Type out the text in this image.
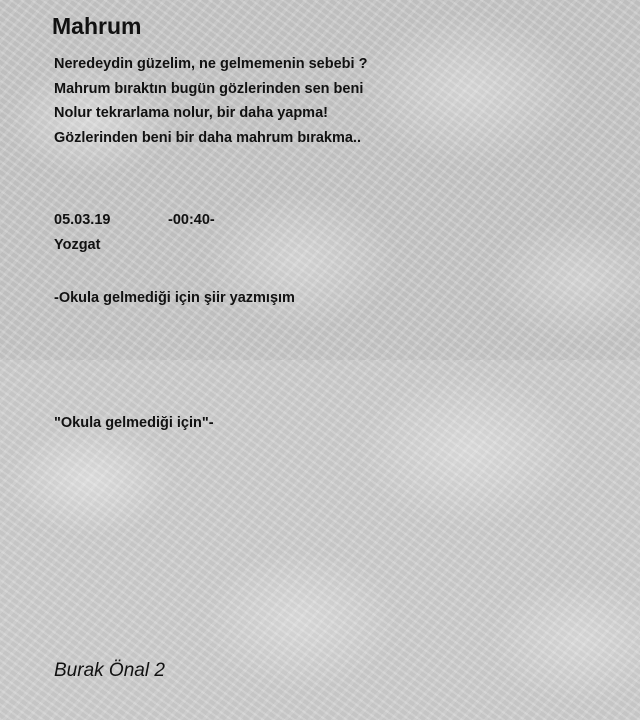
Mahrum
Neredeydin güzelim, ne gelmemenin sebebi ?
Mahrum bıraktın bugün gözlerinden sen beni
Nolur tekrarlama nolur, bir daha yapma!
Gözlerinden beni bir daha mahrum bırakma..
05.03.19	-00:40-
Yozgat
-Okula gelmediği için şiir yazmışım
"Okula gelmediği için"-
Burak Önal 2
